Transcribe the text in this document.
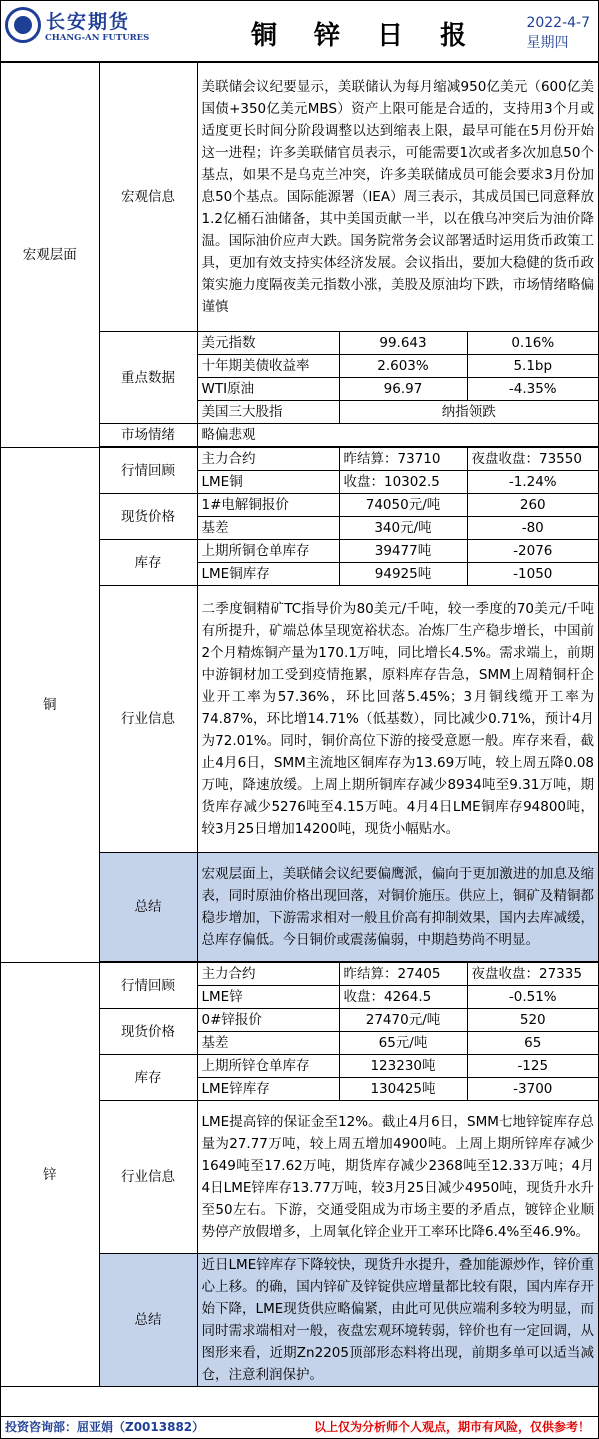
长安期货
CHANG-AN FUTURES	铜 锌 日 报	2022-4-7
星期四
宏观层面	宏观信息	美联储会议纪要显示，美联储认为每月缩减950亿美元（600亿美国债+350亿美元MBS）资产上限可能是合适的，支持用3个月或适度更长时间分阶段调整以达到缩表上限，最早可能在5月份开始这一进程；许多美联储官员表示，可能需要1次或者多次加息50个基点，如果不是乌克兰冲突，许多美联储成员可能会要求3月份加息50个基点。国际能源署（IEA）周三表示，其成员国已同意释放1.2亿桶石油储备，其中美国贡献一半，以在俄乌冲突后为油价降温。国际油价应声大跌。国务院常务会议部署适时运用货币政策工具，更加有效支持实体经济发展。会议指出，要加大稳健的货币政策实施力度隔夜美元指数小涨，美股及原油均下跌，市场情绪略偏谨慎		
	重点数据	美元指数	99.643	0.16%
		十年期美债收益率	2.603%	5.1bp
		WTI原油	96.97	-4.35%
		美国三大股指	纳指领跌	
	市场情绪	略偏悲观		

铜	行情回顾	主力合约	昨结算：73710	夜盘收盘：73550
		LME铜	收盘：10302.5	-1.24%
	现货价格	1#电解铜报价	74050元/吨	260
		基差	340元/吨	-80
	库存	上期所铜仓单库存	39477吨	-2076
		LME铜库存	94925吨	-1050
	行业信息	二季度铜精矿TC指导价为80美元/千吨，较一季度的70美元/千吨有所提升，矿端总体呈现宽裕状态。冶炼厂生产稳步增长，中国前2个月精炼铜产量为170.1万吨，同比增长4.5%。需求端上，前期中游铜材加工受到疫情拖累，原料库存告急，SMM上周精铜杆企业开工率为57.36%，环比回落5.45%；3月铜线缆开工率为74.87%，环比增14.71%（低基数），同比减少0.71%，预计4月为72.01%。同时，铜价高位下游的接受意愿一般。库存来看，截止4月6日，SMM主流地区铜库存为13.69万吨，较上周五降0.08万吨，降速放缓。上周上期所铜库存减少8934吨至9.31万吨，期货库存减少5276吨至4.15万吨。4月4日LME铜库存94800吨，较3月25日增加14200吨，现货小幅贴水。		
	总结	宏观层面上，美联储会议纪要偏鹰派，偏向于更加激进的加息及缩表，同时原油价格出现回落，对铜价施压。供应上，铜矿及精铜都稳步增加，下游需求相对一般且价高有抑制效果，国内去库减缓，总库存偏低。今日铜价或震荡偏弱，中期趋势尚不明显。		

锌	行情回顾	主力合约	昨结算：27405	夜盘收盘：27335
		LME锌	收盘：4264.5	-0.51%
	现货价格	0#锌报价	27470元/吨	520
		基差	65元/吨	65
	库存	上期所锌仓单库存	123230吨	-125
		LME锌库存	130425吨	-3700
	行业信息	LME提高锌的保证金至12%。截止4月6日，SMM七地锌锭库存总量为27.77万吨，较上周五增加4900吨。上周上期所锌库存减少1649吨至17.62万吨，期货库存减少2368吨至12.33万吨；4月4日LME锌库存13.77万吨，较3月25日减少4950吨，现货升水升至50左右。下游，交通受阻成为市场主要的矛盾点，镀锌企业顺势停产放假增多，上周氧化锌企业开工率环比降6.4%至46.9%。		
	总结	近日LME锌库存下降较快，现货升水提升，叠加能源炒作，锌价重心上移。的确，国内锌矿及锌锭供应增量都比较有限，国内库存开始下降，LME现货供应略偏紧，由此可见供应端利多较为明显，而同时需求端相对一般，夜盘宏观环境转弱，锌价也有一定回调，从图形来看，近期Zn2205顶部形态料将出现，前期多单可以适当减仓，注意利润保护。		
投资咨询部：屈亚娟（Z0013882）	以上仅为分析师个人观点，期市有风险，仅供参考！
